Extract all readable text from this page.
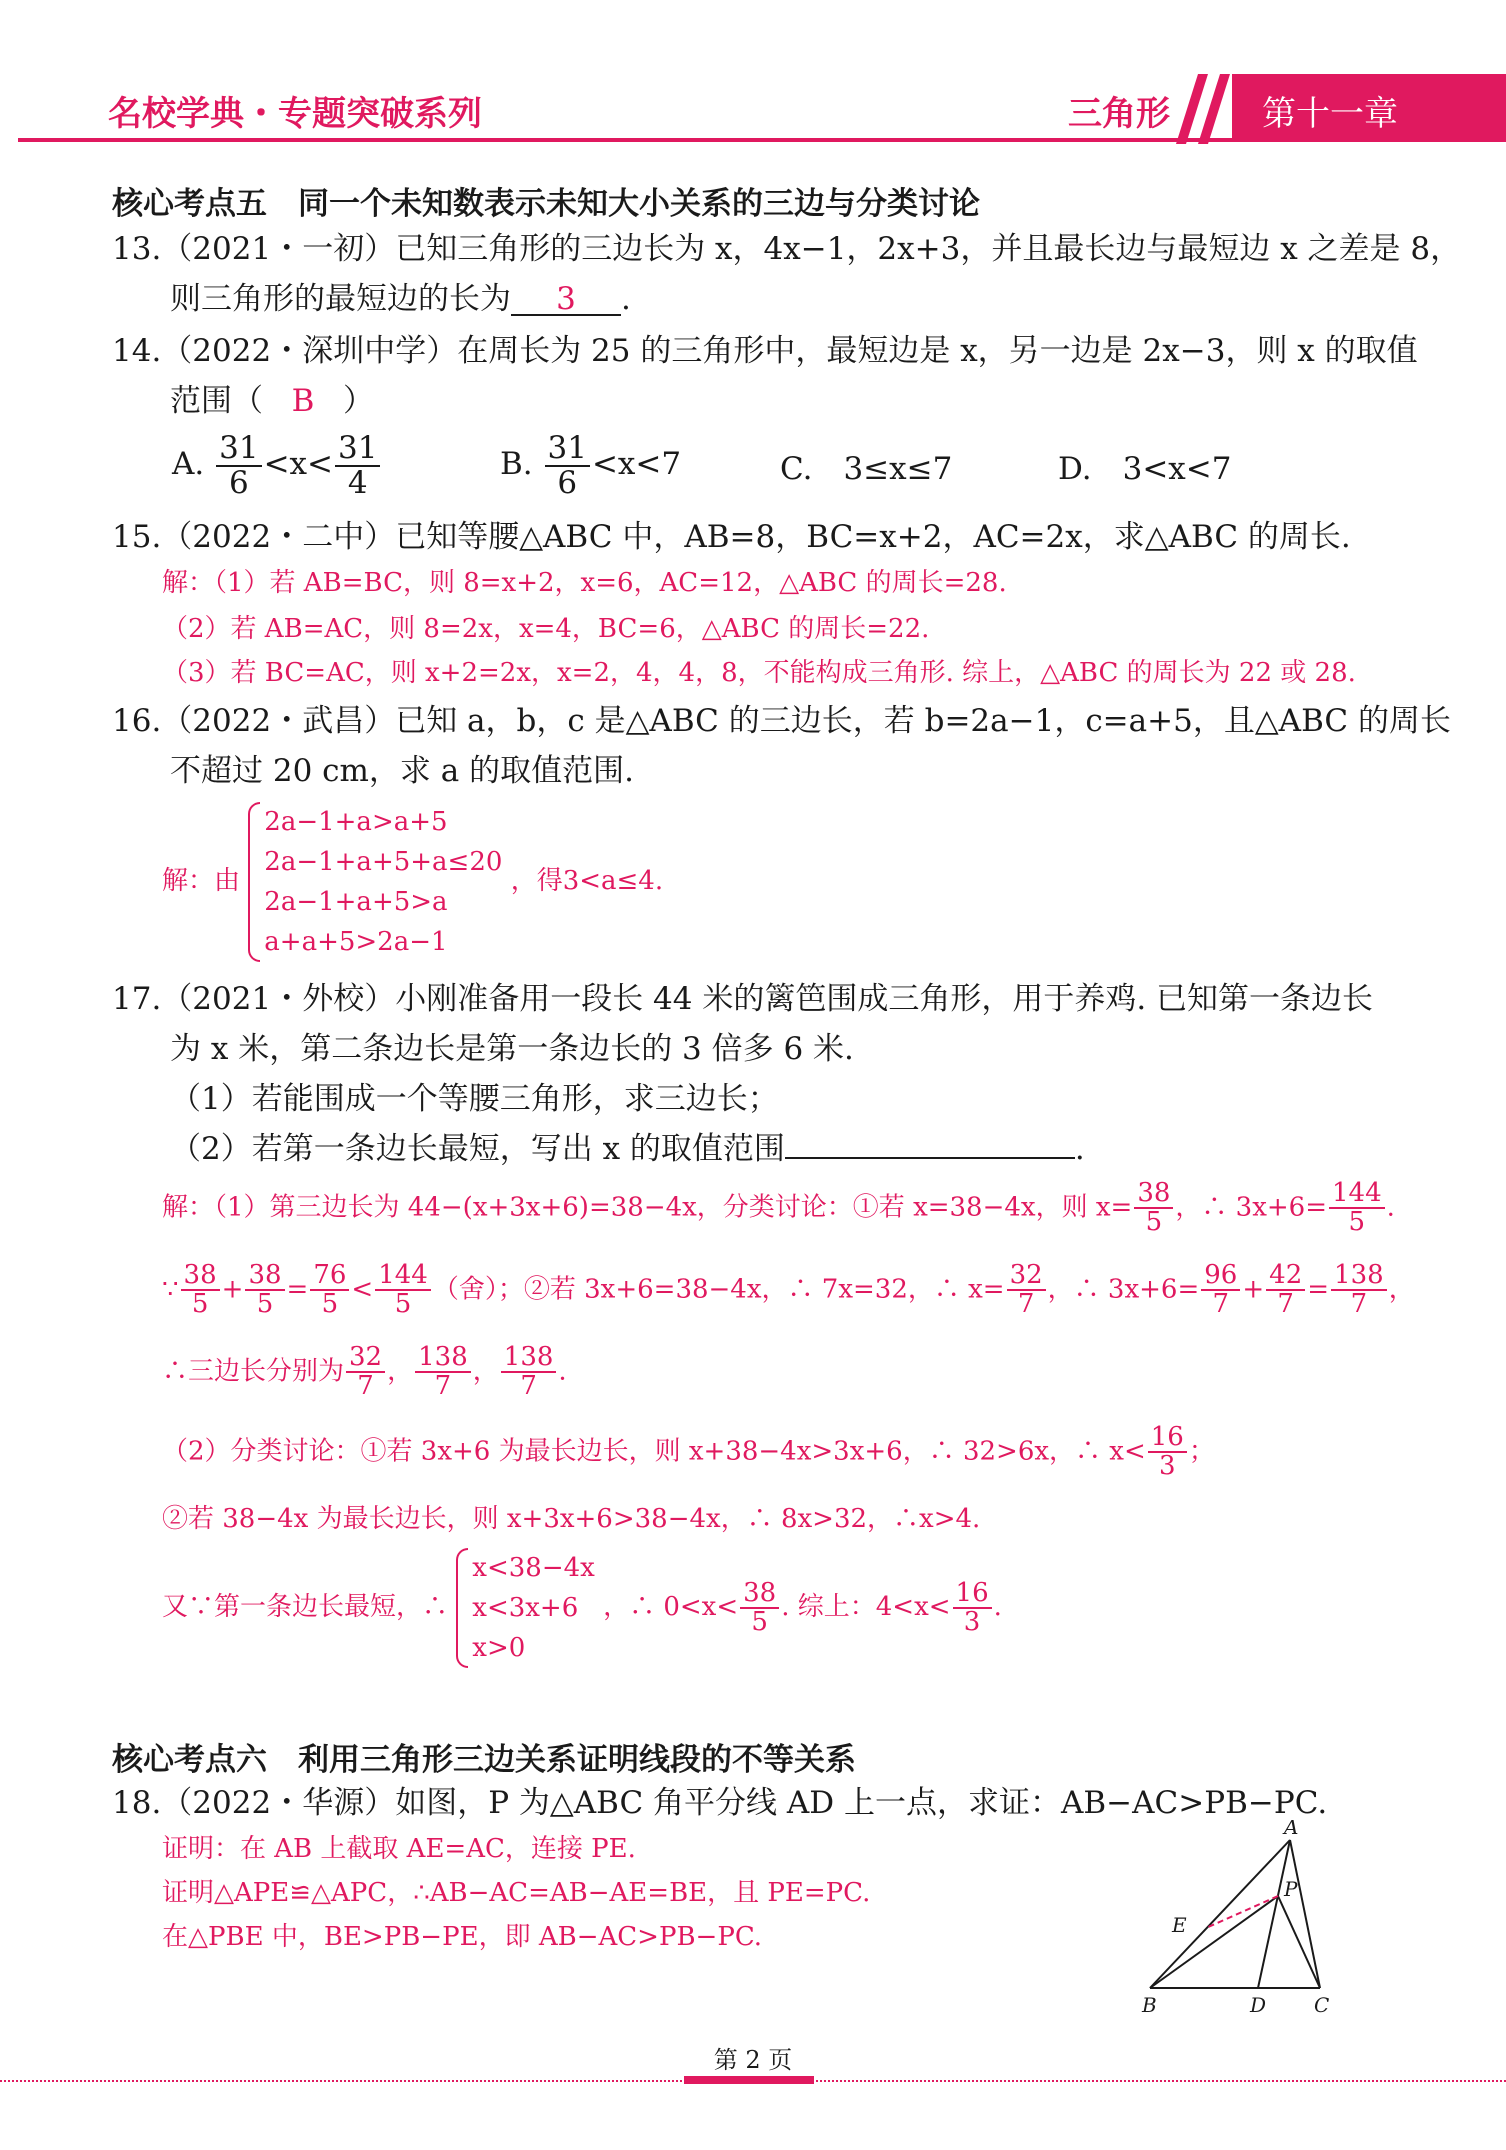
名校学典・专题突破系列	三角形	第十一章
核心考点五　同一个未知数表示未知大小关系的三边与分类讨论
13.（2021・一初）已知三角形的三边长为 x，4x−1，2x+3，并且最长边与最短边 x 之差是 8，
则三角形的最短边的长为 3 .
14.（2022・深圳中学）在周长为 25 的三角形中，最短边是 x，另一边是 2x−3，则 x 的取值
范围（ B ）
A. $\frac{31}{6} <x< \frac{31}{4}$	B. $\frac{31}{6} <x<7$	C.　3≤x≤7	D.　3<x<7
15.（2022・二中）已知等腰△ABC 中，AB=8，BC=x+2，AC=2x，求△ABC 的周长.
解：（1）若 AB=BC，则 8=x+2，x=6，AC=12，△ABC 的周长=28.
（2）若 AB=AC，则 8=2x，x=4，BC=6，△ABC 的周长=22.
（3）若 BC=AC，则 x+2=2x，x=2，4，4，8，不能构成三角形. 综上，△ABC 的周长为 22 或 28.
16.（2022・武昌）已知 a，b，c 是△ABC 的三边长，若 b=2a−1，c=a+5，且△ABC 的周长
不超过 20 cm，求 a 的取值范围.
解：由
2a−1+a>a+5
2a−1+a+5+a≤20
2a−1+a+5>a
a+a+5>2a−1
，得3<a≤4.
17.（2021・外校）小刚准备用一段长 44 米的篱笆围成三角形，用于养鸡. 已知第一条边长
为 x 米，第二条边长是第一条边长的 3 倍多 6 米.
（1）若能围成一个等腰三角形，求三边长；
（2）若第一条边长最短，写出 x 的取值范围	.
解：（1）第三边长为 44−(x+3x+6)=38−4x，分类讨论：①若 x=38−4x，则 $x= \frac{38}{5}$ ，∴ $3x+6= \frac{144}{5}$ .
∵ $\frac{38}{5} + \frac{38}{5} = \frac{76}{5} < \frac{144}{5}$ （舍）；②若 3x+6=38−4x，∴ 7x=32，∴ $x= \frac{32}{7}$ ，∴ $3x+6= \frac{96}{7} + \frac{42}{7} = \frac{138}{7}$ ，
∴三边长分别为 $\frac{32}{7}$ ， $\frac{138}{7}$ ， $\frac{138}{7}$ .
（2）分类讨论：①若 3x+6 为最长边长，则 x+38−4x>3x+6，∴ 32>6x，∴ $x< \frac{16}{3}$ ；
②若 38−4x 为最长边长，则 x+3x+6>38−4x，∴ 8x>32，∴x>4.
又∵第一条边长最短，∴
x<38−4x
x<3x+6
x>0
，∴ $0<x< \frac{38}{5}$ . 综上：$4<x< \frac{16}{3}$ .
核心考点六　利用三角形三边关系证明线段的不等关系
18.（2022・华源）如图，P 为△ABC 角平分线 AD 上一点，求证：AB−AC>PB−PC.
证明：在 AB 上截取 AE=AC，连接 PE.
证明△APE≌△APC，∴AB−AC=AB−AE=BE，且 PE=PC.
在△PBE 中，BE>PB−PE，即 AB−AC>PB−PC.
A
P
E
B	D C
第 2 页
